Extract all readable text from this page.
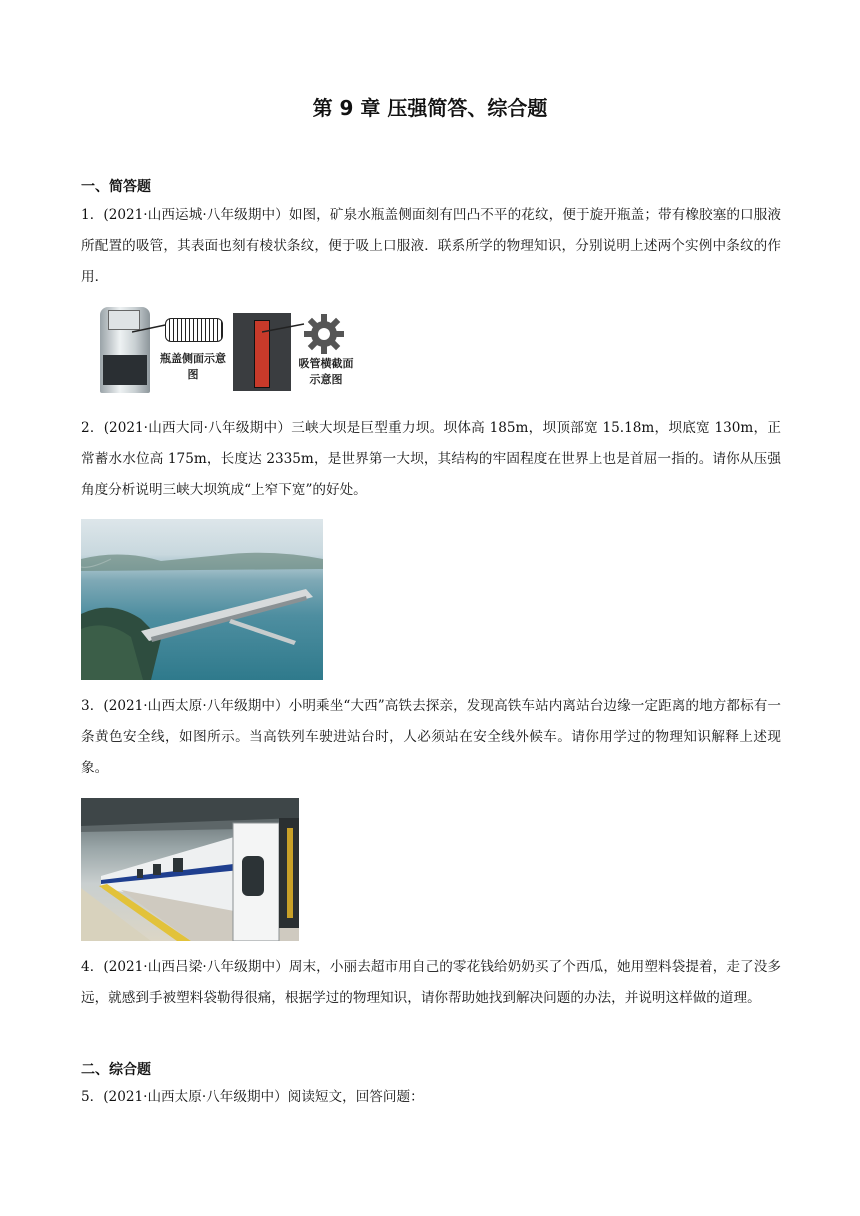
第 9 章 压强简答、综合题
一、简答题
1．(2021·山西运城·八年级期中）如图，矿泉水瓶盖侧面刻有凹凸不平的花纹，便于旋开瓶盖；带有橡胶塞的口服液所配置的吸管，其表面也刻有棱状条纹，便于吸上口服液．联系所学的物理知识，分别说明上述两个实例中条纹的作用．
瓶盖侧面示意图
吸管横截面示意图
2．(2021·山西大同·八年级期中）三峡大坝是巨型重力坝。坝体高 185m，坝顶部宽 15.18m，坝底宽 130m，正常蓄水水位高 175m，长度达 2335m，是世界第一大坝，其结构的牢固程度在世界上也是首屈一指的。请你从压强角度分析说明三峡大坝筑成“上窄下宽”的好处。
3．(2021·山西太原·八年级期中）小明乘坐“大西”高铁去探亲，发现高铁车站内离站台边缘一定距离的地方都标有一条黄色安全线，如图所示。当高铁列车驶进站台时，人必须站在安全线外候车。请你用学过的物理知识解释上述现象。
4．(2021·山西吕梁·八年级期中）周末，小丽去超市用自己的零花钱给奶奶买了个西瓜，她用塑料袋提着，走了没多远，就感到手被塑料袋勒得很痛，根据学过的物理知识，请你帮助她找到解决问题的办法，并说明这样做的道理。
二、综合题
5．(2021·山西太原·八年级期中）阅读短文，回答问题：
